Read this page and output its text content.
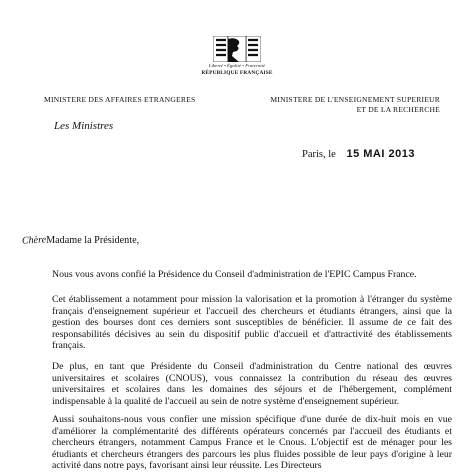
Liberté • Égalité • Fraternité
RÉPUBLIQUE FRANÇAISE
MINISTERE DES AFFAIRES ETRANGERES	MINISTERE DE L'ENSEIGNEMENT SUPERIEUR
ET DE LA RECHERCHE
Les Ministres
Paris, le 15 MAI 2013
ChèreMadame la Présidente,
Nous vous avons confié la Présidence du Conseil d'administration de l'EPIC Campus France.
Cet établissement a notamment pour mission la valorisation et la promotion à l'étranger du système français d'enseignement supérieur et l'accueil des chercheurs et étudiants étrangers, ainsi que la gestion des bourses dont ces derniers sont susceptibles de bénéficier. Il assume de ce fait des responsabilités décisives au sein du dispositif public d'accueil et d'attractivité des établissements français.
De plus, en tant que Présidente du Conseil d'administration du Centre national des œuvres universitaires et scolaires (CNOUS), vous connaissez la contribution du réseau des œuvres universitaires et scolaires dans les domaines des séjours et de l'hébergement, complément indispensable à la qualité de l'accueil au sein de notre système d'enseignement supérieur.
Aussi souhaitons-nous vous confier une mission spécifique d'une durée de dix-huit mois en vue d'améliorer la complémentarité des différents opérateurs concernés par l'accueil des étudiants et chercheurs étrangers, notamment Campus France et le Cnous. L'objectif est de ménager pour les étudiants et chercheurs étrangers des parcours les plus fluides possible de leur pays d'origine à leur activité dans notre pays, favorisant ainsi leur réussite. Les Directeurs
